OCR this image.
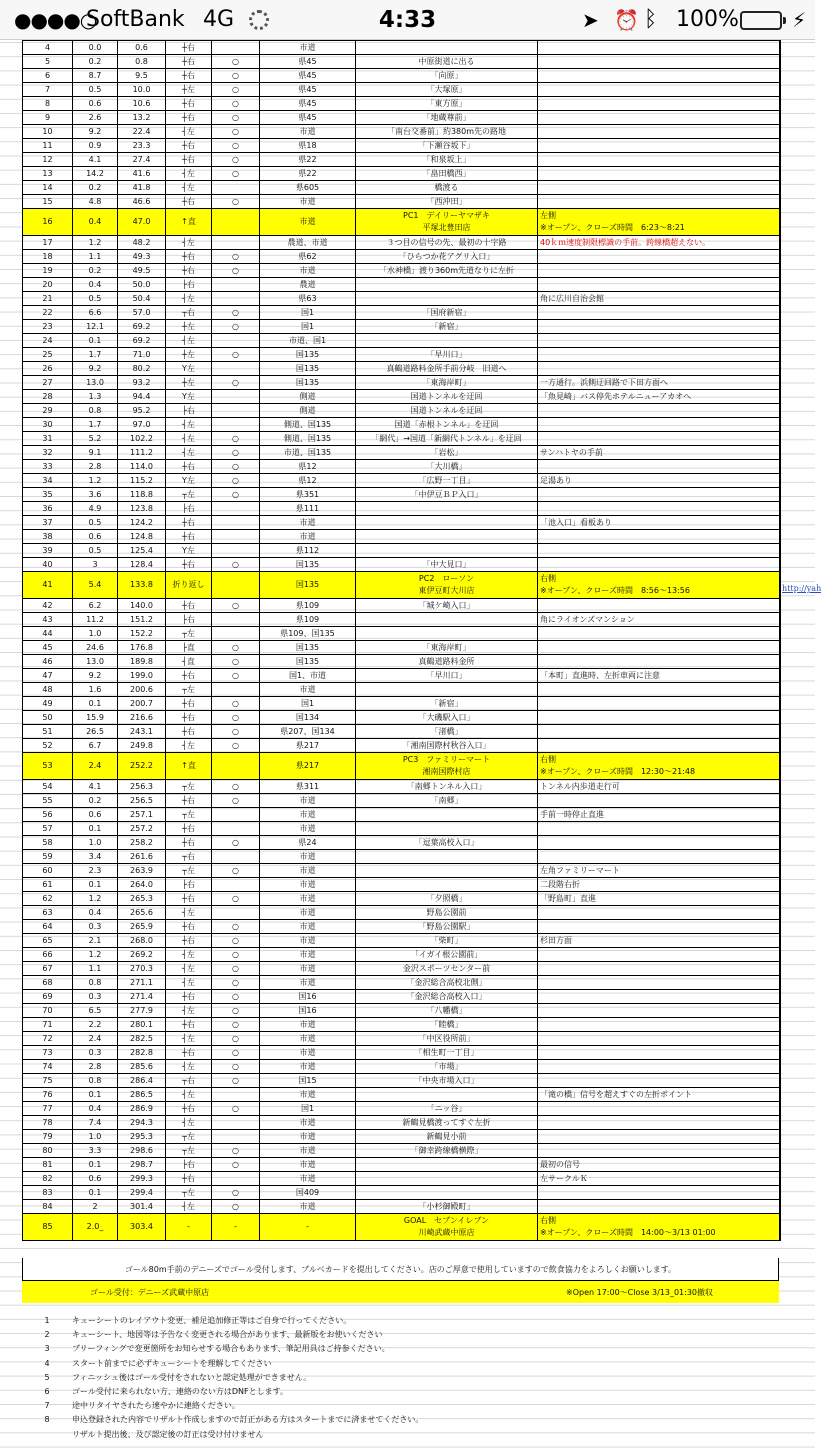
●●●●○
SoftBank 4G	4:33	➤ ⏰ ᛒ 100%	⚡
4	0.0	0.6	┼右		市道		
5	0.2	0.8	┼右	○	県45	中原街道に出る	
6	8.7	9.5	┼右	○	県45	「向原」	
7	0.5	10.0	┼左	○	県45	「大塚原」	
8	0.6	10.6	┼右	○	県45	「東方原」	
9	2.6	13.2	┼右	○	県45	「地蔵尊前」	
10	9.2	22.4	┤左	○	市道	「南台交番前」約380m先の路地	
11	0.9	23.3	┼右	○	県18	「下瀬谷坂下」	
12	4.1	27.4	┼右	○	県22	「和泉坂上」	
13	14.2	41.6	┤左	○	県22	「畠田橋西」	
14	0.2	41.8	┤左		県605	橋渡る	
15	4.8	46.6	┼右	○	市道	「西沖田」	
16	0.4	47.0	↑直		市道	PC1　デイリーヤマザキ
平塚北豊田店	左側
※オープン、クローズ時間　6:23～8:21
17	1.2	48.2	┤左		農道、市道	３つ目の信号の先、最初の十字路	40ｋｍ速度制限標識の手前。跨線橋超えない。
18	1.1	49.3	┼右	○	県62	「ひらつか花アグリ入口」	
19	0.2	49.5	┼右	○	市道	「水神橋」渡り360m先道なりに左折	
20	0.4	50.0	├右		農道		
21	0.5	50.4	┤左		県63		角に広川自治会館
22	6.6	57.0	┬右	○	国1	「国府新宿」	
23	12.1	69.2	┼左	○	国1	「新宿」	
24	0.1	69.2	┤左		市道、国1		
25	1.7	71.0	┼左	○	国135	「早川口」	
26	9.2	80.2	Y左		国135	真鶴道路料金所手前分岐　旧道へ	
27	13.0	93.2	┼左	○	国135	「東海岸町」	一方通行。浜側迂回路で下田方面へ
28	1.3	94.4	Y左		側道	国道トンネルを迂回	「魚見崎」バス停先ホテルニューアカオへ
29	0.8	95.2	├右		側道	国道トンネルを迂回	
30	1.7	97.0	┤左		側道、国135	国道「赤根トンネル」を迂回	
31	5.2	102.2	┤左	○	側道、国135	「網代」→国道「新網代トンネル」を迂回	
32	9.1	111.2	┤左	○	市道、国135	「岩松」	サンハトヤの手前
33	2.8	114.0	┼右	○	県12	「大川橋」	
34	1.2	115.2	Y左	○	県12	「広野一丁目」	足湯あり
35	3.6	118.8	┬左	○	県351	「中伊豆ＢＰ入口」	
36	4.9	123.8	├右		県111		
37	0.5	124.2	┼右		市道		「池入口」看板あり
38	0.6	124.8	┼右		市道		
39	0.5	125.4	Y左		県112		
40	3	128.4	┼右	○	国135	「中大見口」	
41	5.4	133.8	折り返し		国135	PC2　ローソン
東伊豆町大川店	右側
※オープン、クローズ時間　8:56～13:56
42	6.2	140.0	┼右	○	県109	「城ケ崎入口」	
43	11.2	151.2	├右		県109		角にライオンズマンション
44	1.0	152.2	┬左		県109、国135		
45	24.6	176.8	├直	○	国135	「東海岸町」	
46	13.0	189.8	┤直	○	国135	真鶴道路料金所	
47	9.2	199.0	┼右	○	国1、市道	「早川口」	「本町」直進時、左折車両に注意
48	1.6	200.6	┬左		市道		
49	0.1	200.7	┼右	○	国1	「新宿」	
50	15.9	216.6	┼右	○	国134	「大磯駅入口」	
51	26.5	243.1	┼右	○	県207、国134	「渚橋」	
52	6.7	249.8	┤左	○	県217	「湘南国際村秋谷入口」	
53	2.4	252.2	↑直		県217	PC3　ファミリーマート
湘南国際村店	右側
※オープン、クローズ時間　12:30～21:48
54	4.1	256.3	┬左	○	県311	「南郷トンネル入口」	トンネル内歩道走行可
55	0.2	256.5	┼右	○	市道	「南郷」	
56	0.6	257.1	┬左		市道		手前一時停止直進
57	0.1	257.2	┼右		市道		
58	1.0	258.2	┼右	○	県24	「逗葉高校入口」	
59	3.4	261.6	┬右		市道		
60	2.3	263.9	┬左	○	市道		左角ファミリーマート
61	0.1	264.0	├右		市道		二段階右折
62	1.2	265.3	┼右	○	市道	「夕照橋」	「野島町」直進
63	0.4	265.6	┤左		市道	野島公園前	
64	0.3	265.9	┼右	○	市道	「野島公園駅」	
65	2.1	268.0	┼右	○	市道	「柴町」	杉田方面
66	1.2	269.2	┤左	○	市道	「イガイ根公園前」	
67	1.1	270.3	┤左	○	市道	金沢スポーツセンター前	
68	0.8	271.1	┤左	○	市道	「金沢総合高校北側」	
69	0.3	271.4	┼右	○	国16	「金沢総合高校入口」	
70	6.5	277.9	┤左	○	国16	「八幡橋」	
71	2.2	280.1	┼右	○	市道	「睦橋」	
72	2.4	282.5	┤左	○	市道	「中区役所前」	
73	0.3	282.8	┼右	○	市道	「相生町一丁目」	
74	2.8	285.6	┤左	○	市道	「市場」	
75	0.8	286.4	┬右	○	国15	「中央市場入口」	
76	0.1	286.5	┤左		市道		「滝の橋」信号を超えすぐの左折ポイント
77	0.4	286.9	┼右	○	国1	「ニッ谷」	
78	7.4	294.3	┤左		市道	新鶴見橋渡ってすぐ左折	
79	1.0	295.3	┬左		市道	新鶴見小前	
80	3.3	298.6	┬左	○	市道	「御幸跨線橋横際」	
81	0.1	298.7	├右	○	市道		最初の信号
82	0.6	299.3	┼右		市道		左サークルＫ
83	0.1	299.4	┬左	○	国409		
84	2	301.4	┤左	○	市道	「小杉御殿町」	
85	2.0_	303.4	-	-	-	GOAL　セブンイレブン
川崎武蔵中原店	右側
※オープン、クローズ時間　14:00～3/13 01:00
http://yah
ゴール80m手前のデニーズでゴール受付します、ブルベカードを提出してください。店のご厚意で使用していますので飲食協力をよろしくお願いします。
ゴール受付：デニーズ武蔵中原店	※Open 17:00〜Close 3/13_01:30撤収
1	キューシートのレイアウト変更、補足追加修正等はご自身で行ってください。
2	キューシート、地図等は予告なく変更される場合があります、最新版をお使いください
3	ブリーフィングで変更箇所をお知らせする場合もあります、筆記用具はご持参ください。
4	スタート前までに必ずキューシートを理解してください
5	フィニッシュ後はゴール受付をされないと認定処理ができません。
6	ゴール受付に来られない方、連絡のない方はDNFとします。
7	途中リタイヤされたら速やかに連絡ください。
8	申込登録された内容でリザルト作成しますので訂正がある方はスタートまでに済ませてください。
	リザルト提出後、及び認定後の訂正は受け付けません
